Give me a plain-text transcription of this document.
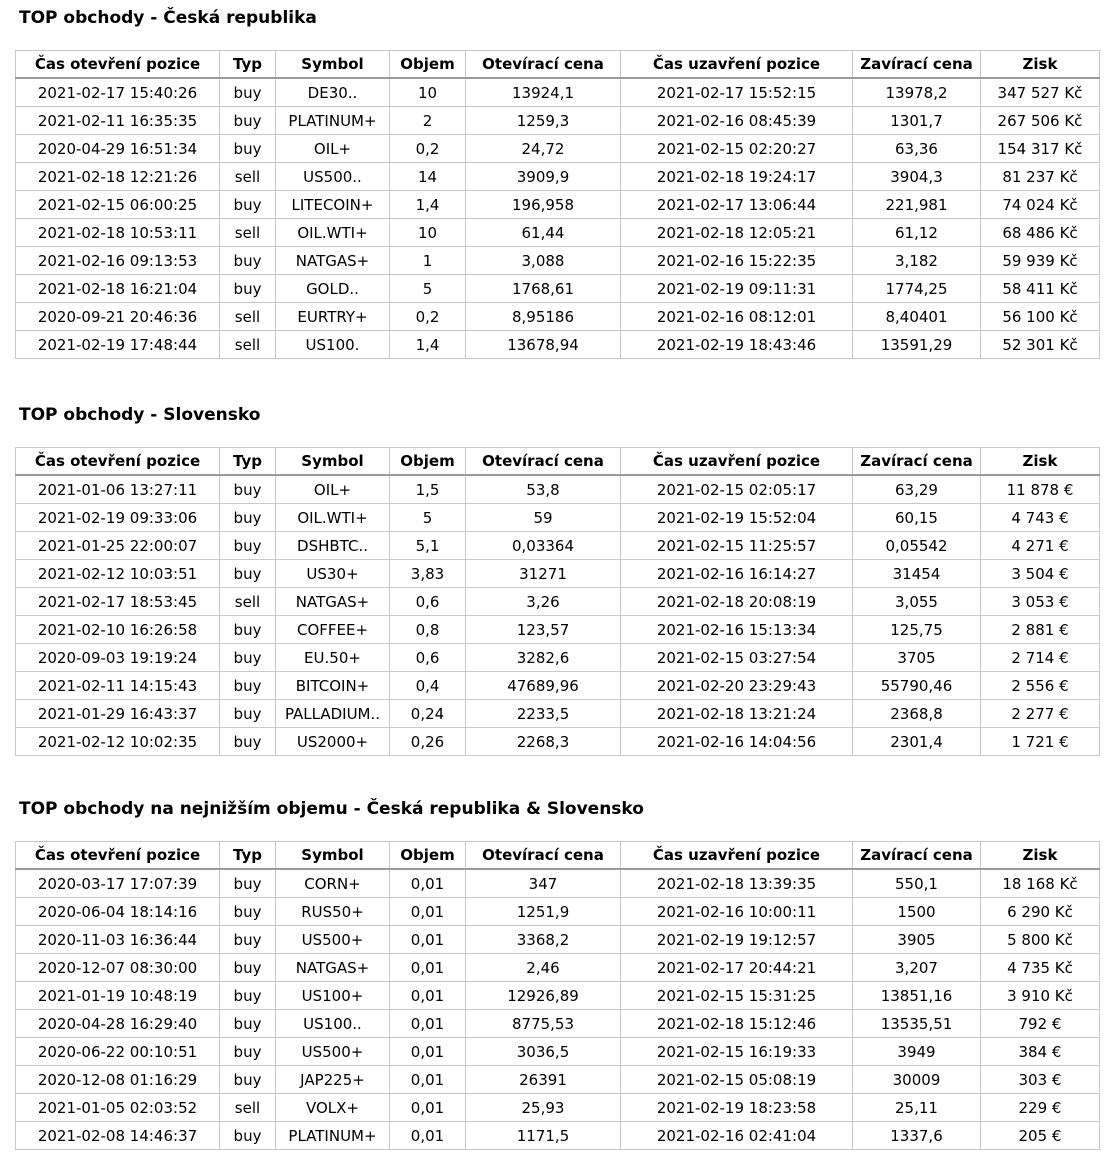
TOP obchody - Česká republika
Čas otevření pozice	Typ	Symbol	Objem	Otevírací cena	Čas uzavření pozice	Zavírací cena	Zisk
2021-02-17 15:40:26	buy	DE30..	10	13924,1	2021-02-17 15:52:15	13978,2	347 527 Kč
2021-02-11 16:35:35	buy	PLATINUM+	2	1259,3	2021-02-16 08:45:39	1301,7	267 506 Kč
2020-04-29 16:51:34	buy	OIL+	0,2	24,72	2021-02-15 02:20:27	63,36	154 317 Kč
2021-02-18 12:21:26	sell	US500..	14	3909,9	2021-02-18 19:24:17	3904,3	81 237 Kč
2021-02-15 06:00:25	buy	LITECOIN+	1,4	196,958	2021-02-17 13:06:44	221,981	74 024 Kč
2021-02-18 10:53:11	sell	OIL.WTI+	10	61,44	2021-02-18 12:05:21	61,12	68 486 Kč
2021-02-16 09:13:53	buy	NATGAS+	1	3,088	2021-02-16 15:22:35	3,182	59 939 Kč
2021-02-18 16:21:04	buy	GOLD..	5	1768,61	2021-02-19 09:11:31	1774,25	58 411 Kč
2020-09-21 20:46:36	sell	EURTRY+	0,2	8,95186	2021-02-16 08:12:01	8,40401	56 100 Kč
2021-02-19 17:48:44	sell	US100.	1,4	13678,94	2021-02-19 18:43:46	13591,29	52 301 Kč
TOP obchody - Slovensko
Čas otevření pozice	Typ	Symbol	Objem	Otevírací cena	Čas uzavření pozice	Zavírací cena	Zisk
2021-01-06 13:27:11	buy	OIL+	1,5	53,8	2021-02-15 02:05:17	63,29	11 878 €
2021-02-19 09:33:06	buy	OIL.WTI+	5	59	2021-02-19 15:52:04	60,15	4 743 €
2021-01-25 22:00:07	buy	DSHBTC..	5,1	0,03364	2021-02-15 11:25:57	0,05542	4 271 €
2021-02-12 10:03:51	buy	US30+	3,83	31271	2021-02-16 16:14:27	31454	3 504 €
2021-02-17 18:53:45	sell	NATGAS+	0,6	3,26	2021-02-18 20:08:19	3,055	3 053 €
2021-02-10 16:26:58	buy	COFFEE+	0,8	123,57	2021-02-16 15:13:34	125,75	2 881 €
2020-09-03 19:19:24	buy	EU.50+	0,6	3282,6	2021-02-15 03:27:54	3705	2 714 €
2021-02-11 14:15:43	buy	BITCOIN+	0,4	47689,96	2021-02-20 23:29:43	55790,46	2 556 €
2021-01-29 16:43:37	buy	PALLADIUM..	0,24	2233,5	2021-02-18 13:21:24	2368,8	2 277 €
2021-02-12 10:02:35	buy	US2000+	0,26	2268,3	2021-02-16 14:04:56	2301,4	1 721 €
TOP obchody na nejnižším objemu - Česká republika & Slovensko
Čas otevření pozice	Typ	Symbol	Objem	Otevírací cena	Čas uzavření pozice	Zavírací cena	Zisk
2020-03-17 17:07:39	buy	CORN+	0,01	347	2021-02-18 13:39:35	550,1	18 168 Kč
2020-06-04 18:14:16	buy	RUS50+	0,01	1251,9	2021-02-16 10:00:11	1500	6 290 Kč
2020-11-03 16:36:44	buy	US500+	0,01	3368,2	2021-02-19 19:12:57	3905	5 800 Kč
2020-12-07 08:30:00	buy	NATGAS+	0,01	2,46	2021-02-17 20:44:21	3,207	4 735 Kč
2021-01-19 10:48:19	buy	US100+	0,01	12926,89	2021-02-15 15:31:25	13851,16	3 910 Kč
2020-04-28 16:29:40	buy	US100..	0,01	8775,53	2021-02-18 15:12:46	13535,51	792 €
2020-06-22 00:10:51	buy	US500+	0,01	3036,5	2021-02-15 16:19:33	3949	384 €
2020-12-08 01:16:29	buy	JAP225+	0,01	26391	2021-02-15 05:08:19	30009	303 €
2021-01-05 02:03:52	sell	VOLX+	0,01	25,93	2021-02-19 18:23:58	25,11	229 €
2021-02-08 14:46:37	buy	PLATINUM+	0,01	1171,5	2021-02-16 02:41:04	1337,6	205 €
